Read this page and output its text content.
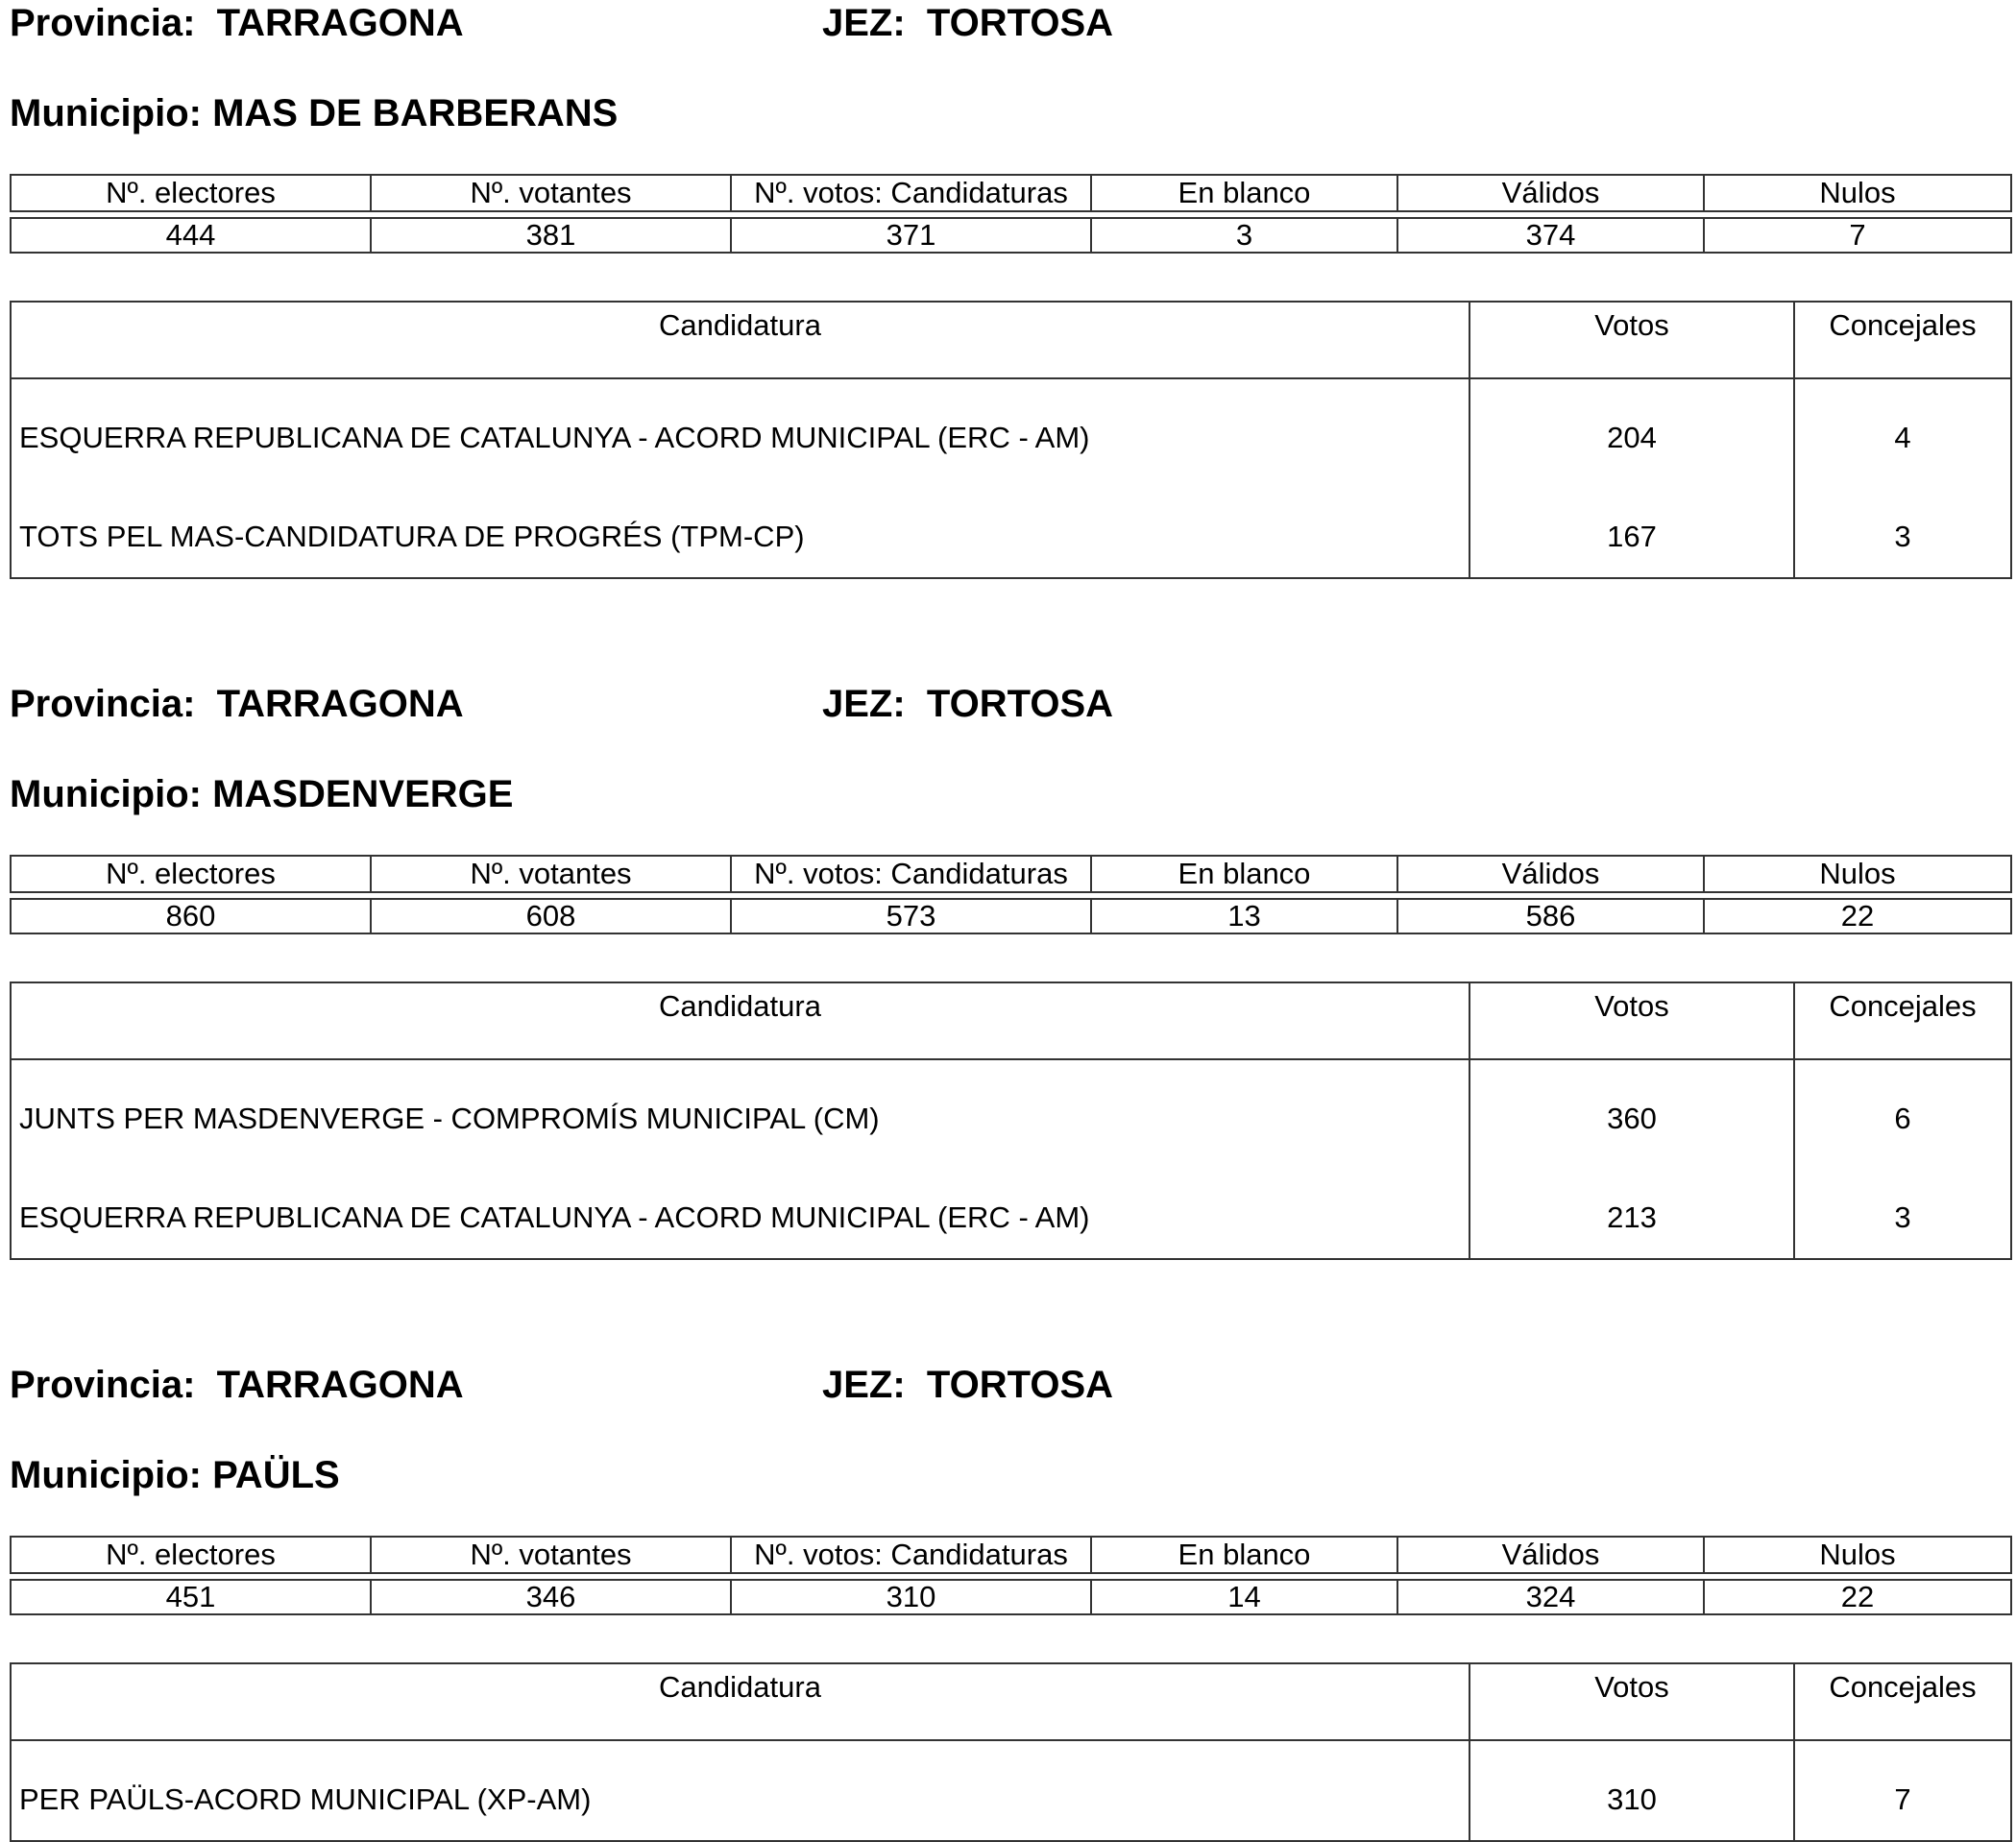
Provincia: TARRAGONA	JEZ: TORTOSA
Municipio: MAS DE BARBERANS
Nº. electores	Nº. votantes	Nº. votos: Candidaturas	En blanco	Válidos	Nulos
444	381	371	3	374	7
Candidatura	Votos	Concejales
ESQUERRA REPUBLICANA DE CATALUNYA - ACORD MUNICIPAL (ERC - AM)	204	4
TOTS PEL MAS-CANDIDATURA DE PROGRÉS (TPM-CP)	167	3
Provincia: TARRAGONA	JEZ: TORTOSA
Municipio: MASDENVERGE
Nº. electores	Nº. votantes	Nº. votos: Candidaturas	En blanco	Válidos	Nulos
860	608	573	13	586	22
Candidatura	Votos	Concejales
JUNTS PER MASDENVERGE - COMPROMÍS MUNICIPAL (CM)	360	6
ESQUERRA REPUBLICANA DE CATALUNYA - ACORD MUNICIPAL (ERC - AM)	213	3
Provincia: TARRAGONA	JEZ: TORTOSA
Municipio: PAÜLS
Nº. electores	Nº. votantes	Nº. votos: Candidaturas	En blanco	Válidos	Nulos
451	346	310	14	324	22
Candidatura	Votos	Concejales
PER PAÜLS-ACORD MUNICIPAL (XP-AM)	310	7
